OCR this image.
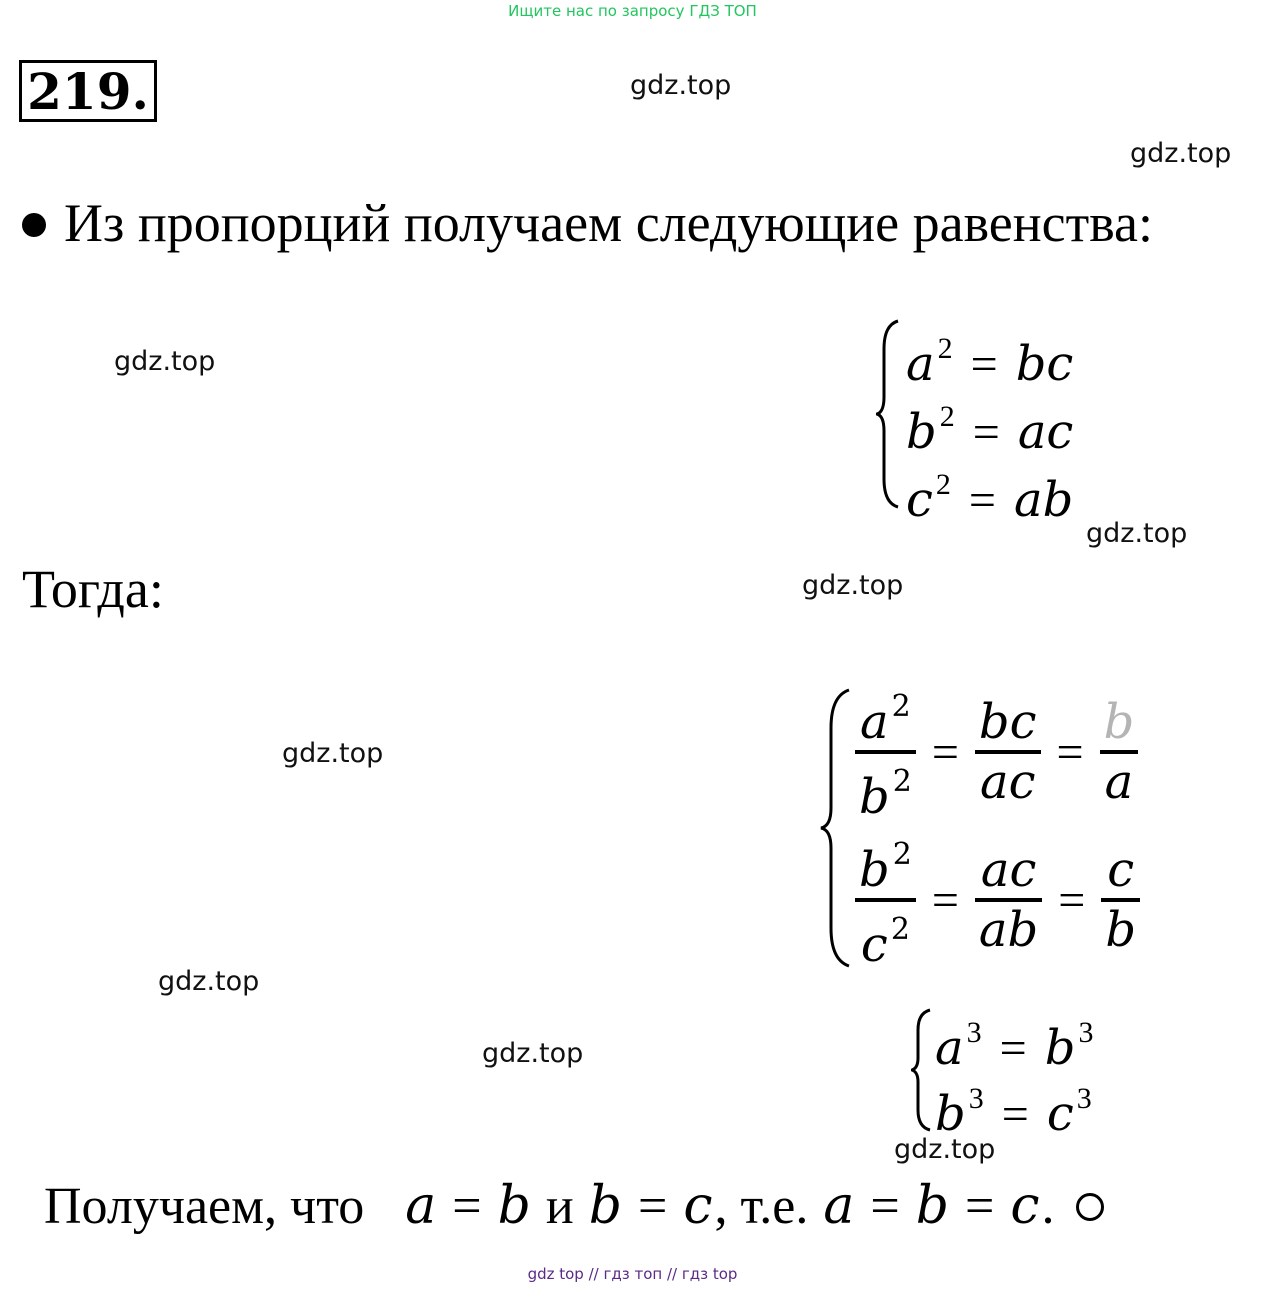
Ищите нас по запросу ГДЗ ТОП
219.	gdz.top
gdz.top
gdz.top
gdz.top
gdz.top
gdz.top
gdz.top
gdz.top
gdz.top
Из пропорций получаем следующие равенства:
a $^2$ = bc
b $^2$ = ac
c $^2$ = ab
Тогда:
$\frac{a ^2}{b ^2} = \frac{bc}{ac} = \frac{b}{a}$
$\frac{b ^2}{c ^2} = \frac{ac}{ab} = \frac{c}{b}$
a $^3$ = b $^3$
b $^3$ = c $^3$
Получаем, что a = b и b = c, т.е. a = b = c.
gdz top // гдз топ // гдз top
